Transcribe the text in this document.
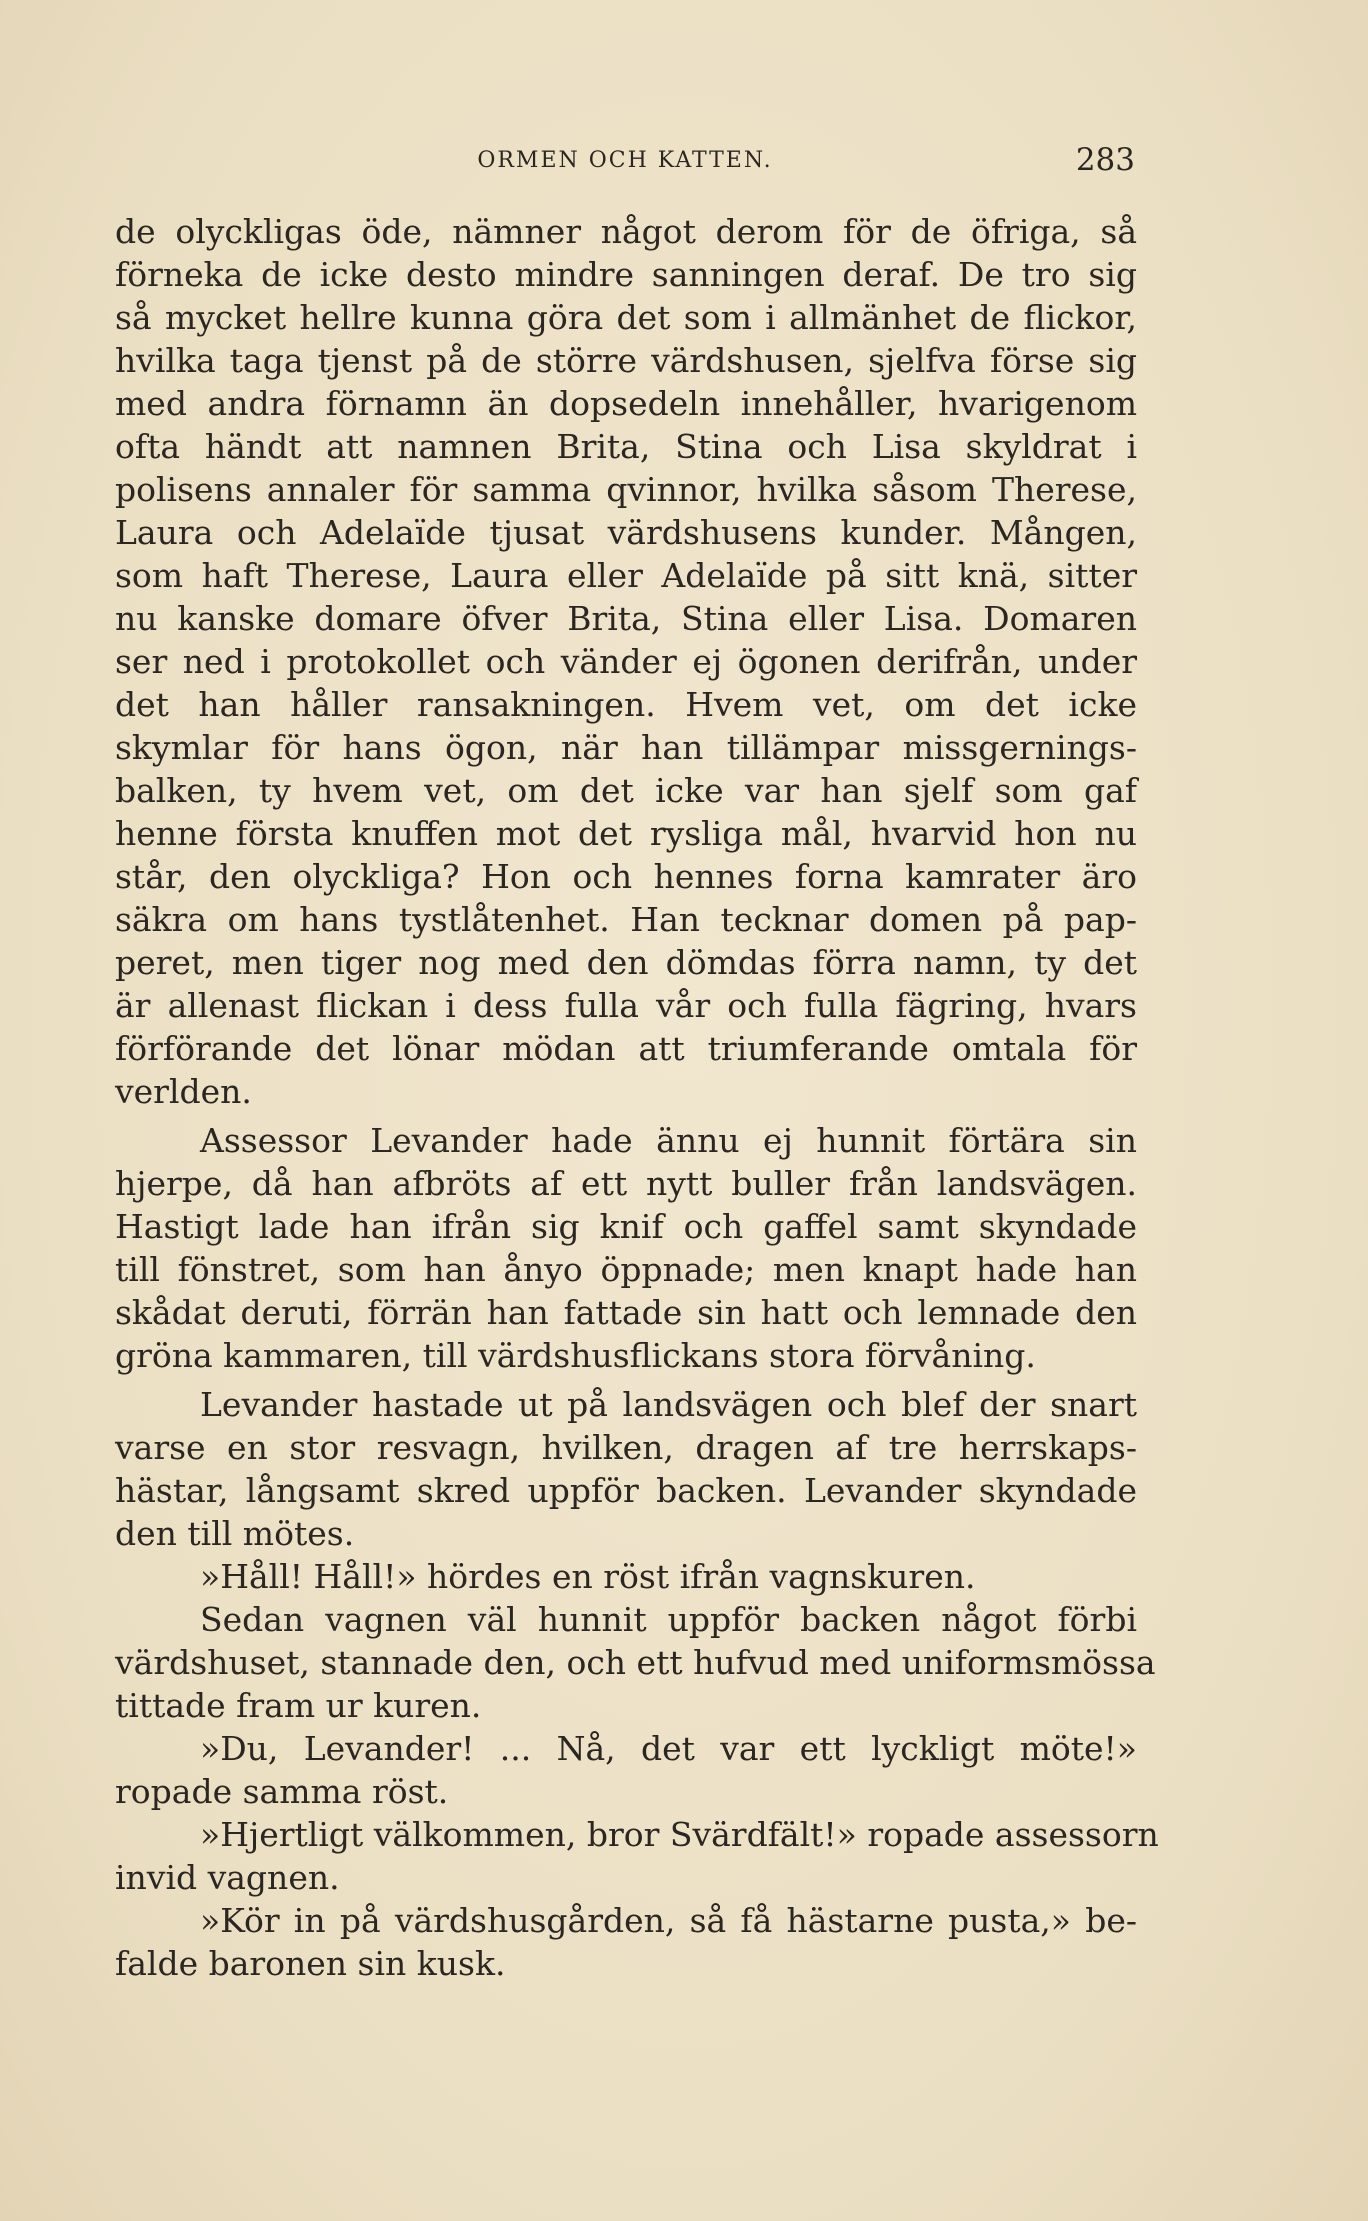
ORMEN OCH KATTEN.	283
de olyckligas öde, nämner något derom för de öfriga, så
förneka de icke desto mindre sanningen deraf. De tro sig
så mycket hellre kunna göra det som i allmänhet de flickor,
hvilka taga tjenst på de större värdshusen, sjelfva förse sig
med andra förnamn än dopsedeln innehåller, hvarigenom
ofta händt att namnen Brita, Stina och Lisa skyldrat i
polisens annaler för samma qvinnor, hvilka såsom Therese,
Laura och Adelaïde tjusat värdshusens kunder. Mången,
som haft Therese, Laura eller Adelaïde på sitt knä, sitter
nu kanske domare öfver Brita, Stina eller Lisa. Domaren
ser ned i protokollet och vänder ej ögonen derifrån, under
det han håller ransakningen. Hvem vet, om det icke
skymlar för hans ögon, när han tillämpar missgernings-
balken, ty hvem vet, om det icke var han sjelf som gaf
henne första knuffen mot det rysliga mål, hvarvid hon nu
står, den olyckliga? Hon och hennes forna kamrater äro
säkra om hans tystlåtenhet. Han tecknar domen på pap-
peret, men tiger nog med den dömdas förra namn, ty det
är allenast flickan i dess fulla vår och fulla fägring, hvars
förförande det lönar mödan att triumferande omtala för
verlden.
Assessor Levander hade ännu ej hunnit förtära sin
hjerpe, då han afbröts af ett nytt buller från landsvägen.
Hastigt lade han ifrån sig knif och gaffel samt skyndade
till fönstret, som han ånyo öppnade; men knapt hade han
skådat deruti, förrän han fattade sin hatt och lemnade den
gröna kammaren, till värdshusflickans stora förvåning.
Levander hastade ut på landsvägen och blef der snart
varse en stor resvagn, hvilken, dragen af tre herrskaps-
hästar, långsamt skred uppför backen. Levander skyndade
den till mötes.
»Håll! Håll!» hördes en röst ifrån vagnskuren.
Sedan vagnen väl hunnit uppför backen något förbi
värdshuset, stannade den, och ett hufvud med uniformsmössa
tittade fram ur kuren.
»Du, Levander! ... Nå, det var ett lyckligt möte!»
ropade samma röst.
»Hjertligt välkommen, bror Svärdfält!» ropade assessorn
invid vagnen.
»Kör in på värdshusgården, så få hästarne pusta,» be-
falde baronen sin kusk.
